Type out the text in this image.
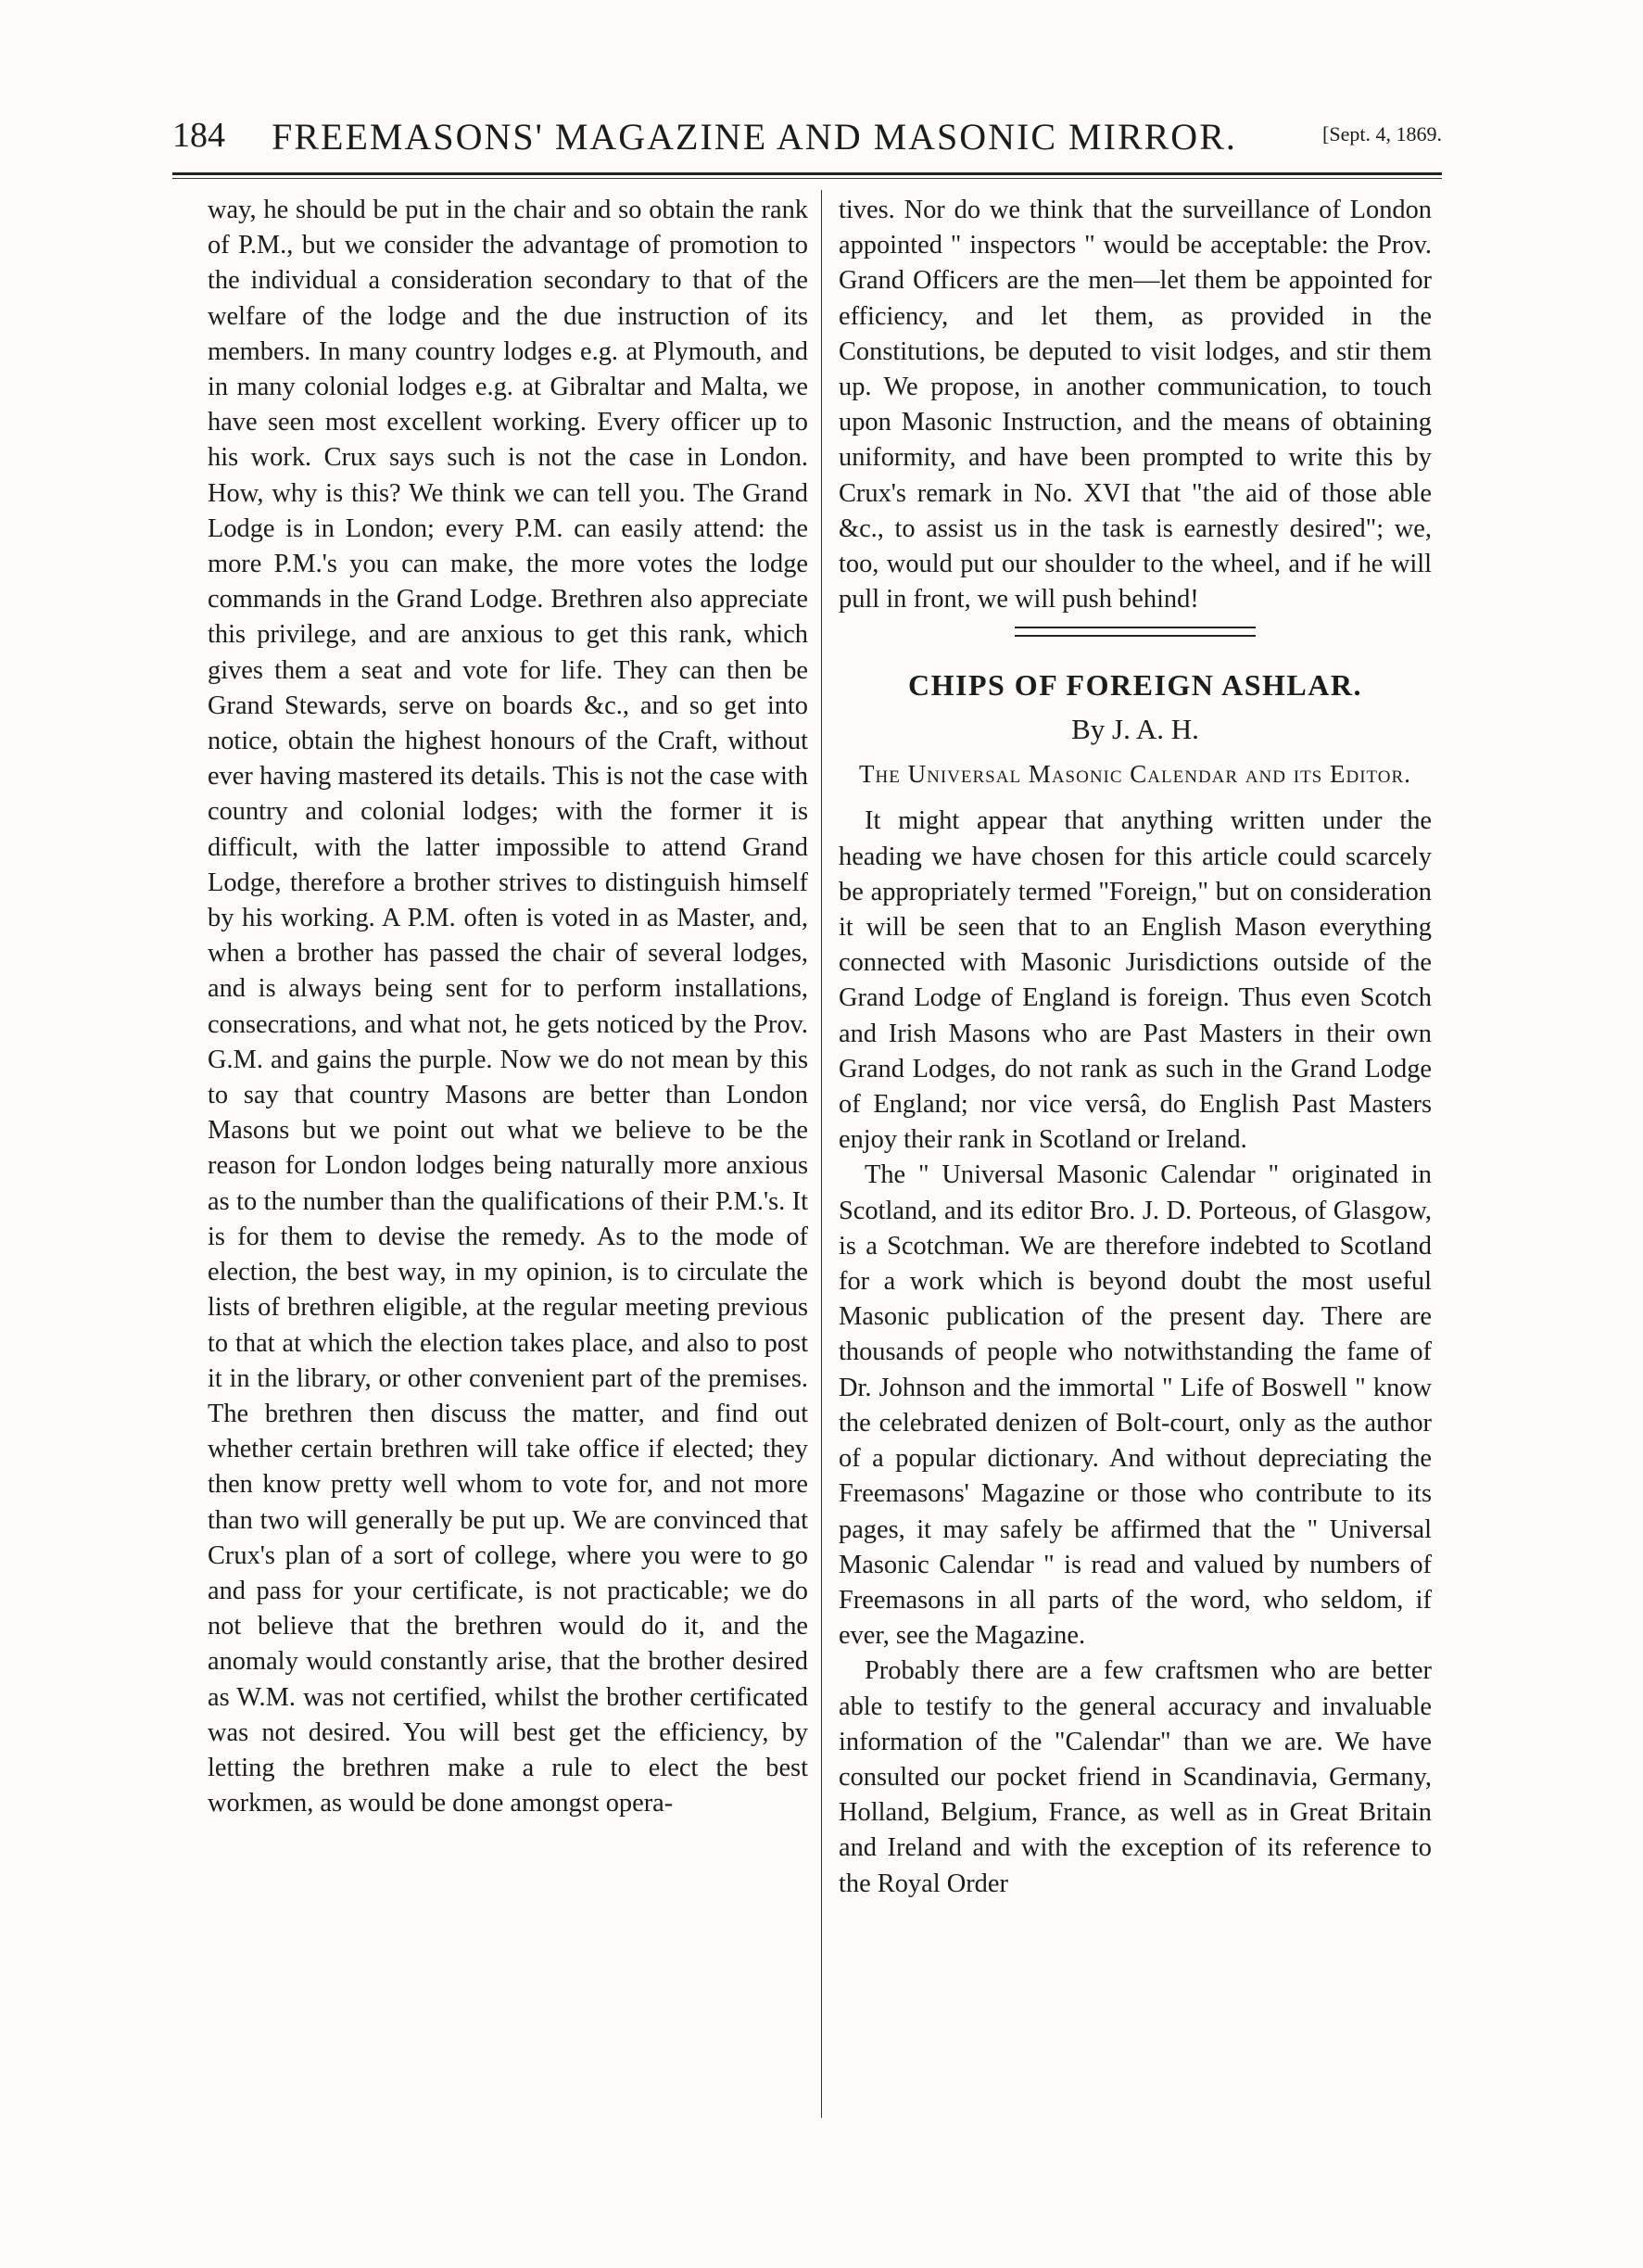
184	FREEMASONS' MAGAZINE AND MASONIC MIRROR.	[Sept. 4, 1869.

way, he should be put in the chair and so obtain the rank of P.M., but we consider the advantage of promotion to the individual a consideration secondary to that of the welfare of the lodge and the due instruction of its members. In many country lodges e.g. at Plymouth, and in many colonial lodges e.g. at Gibraltar and Malta, we have seen most excellent working. Every officer up to his work. Crux says such is not the case in London. How, why is this? We think we can tell you. The Grand Lodge is in London; every P.M. can easily attend: the more P.M.'s you can make, the more votes the lodge commands in the Grand Lodge. Brethren also appreciate this privilege, and are anxious to get this rank, which gives them a seat and vote for life. They can then be Grand Stewards, serve on boards &c., and so get into notice, obtain the highest honours of the Craft, without ever having mastered its details. This is not the case with country and colonial lodges; with the former it is difficult, with the latter impossible to attend Grand Lodge, therefore a brother strives to distinguish himself by his working. A P.M. often is voted in as Master, and, when a brother has passed the chair of several lodges, and is always being sent for to perform installations, consecrations, and what not, he gets noticed by the Prov. G.M. and gains the purple. Now we do not mean by this to say that country Masons are better than London Masons but we point out what we believe to be the reason for London lodges being naturally more anxious as to the number than the qualifications of their P.M.'s. It is for them to devise the remedy. As to the mode of election, the best way, in my opinion, is to circulate the lists of brethren eligible, at the regular meeting previous to that at which the election takes place, and also to post it in the library, or other convenient part of the premises. The brethren then discuss the matter, and find out whether certain brethren will take office if elected; they then know pretty well whom to vote for, and not more than two will generally be put up. We are convinced that Crux's plan of a sort of college, where you were to go and pass for your certificate, is not practicable; we do not believe that the brethren would do it, and the anomaly would constantly arise, that the brother desired as W.M. was not certified, whilst the brother certificated was not desired. You will best get the efficiency, by letting the brethren make a rule to elect the best workmen, as would be done amongst opera-

tives. Nor do we think that the surveillance of London appointed " inspectors " would be acceptable: the Prov. Grand Officers are the men—let them be appointed for efficiency, and let them, as provided in the Constitutions, be deputed to visit lodges, and stir them up. We propose, in another communication, to touch upon Masonic Instruction, and the means of obtaining uniformity, and have been prompted to write this by Crux's remark in No. XVI that "the aid of those able &c., to assist us in the task is earnestly desired"; we, too, would put our shoulder to the wheel, and if he will pull in front, we will push behind!

CHIPS OF FOREIGN ASHLAR.

By J. A. H.

The Universal Masonic Calendar and its Editor.

It might appear that anything written under the heading we have chosen for this article could scarcely be appropriately termed "Foreign," but on consideration it will be seen that to an English Mason everything connected with Masonic Jurisdictions outside of the Grand Lodge of England is foreign. Thus even Scotch and Irish Masons who are Past Masters in their own Grand Lodges, do not rank as such in the Grand Lodge of England; nor vice versâ, do English Past Masters enjoy their rank in Scotland or Ireland.

The " Universal Masonic Calendar " originated in Scotland, and its editor Bro. J. D. Porteous, of Glasgow, is a Scotchman. We are therefore indebted to Scotland for a work which is beyond doubt the most useful Masonic publication of the present day. There are thousands of people who notwithstanding the fame of Dr. Johnson and the immortal " Life of Boswell " know the celebrated denizen of Bolt-court, only as the author of a popular dictionary. And without depreciating the Freemasons' Magazine or those who contribute to its pages, it may safely be affirmed that the " Universal Masonic Calendar " is read and valued by numbers of Freemasons in all parts of the word, who seldom, if ever, see the Magazine.

Probably there are a few craftsmen who are better able to testify to the general accuracy and invaluable information of the "Calendar" than we are. We have consulted our pocket friend in Scandinavia, Germany, Holland, Belgium, France, as well as in Great Britain and Ireland and with the exception of its reference to the Royal Order
